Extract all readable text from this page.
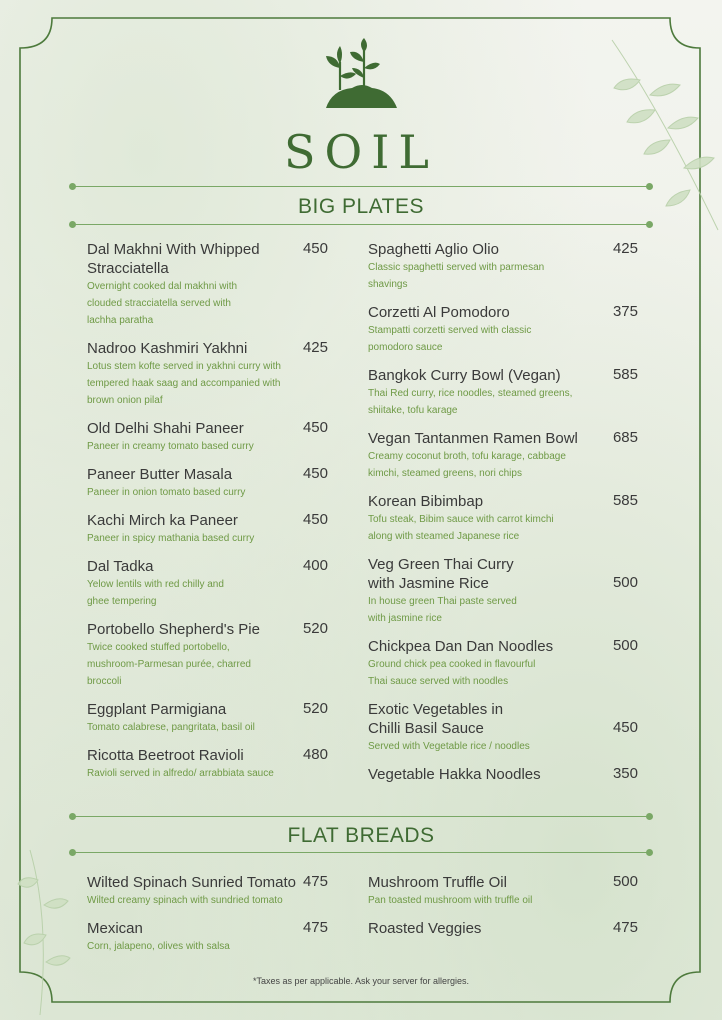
SOIL
BIG PLATES
Dal Makhni With Whipped Stracciatella
Overnight cooked dal makhni with clouded stracciatella served with lachha paratha
450
Nadroo Kashmiri Yakhni
Lotus stem kofte served in yakhni curry with tempered haak saag and accompanied with brown onion pilaf
425
Old Delhi Shahi Paneer
Paneer in creamy tomato based curry
450
Paneer Butter Masala
Paneer in onion tomato based curry
450
Kachi Mirch ka Paneer
Paneer in spicy mathania based curry
450
Dal Tadka
Yelow lentils with red chilly and ghee tempering
400
Portobello Shepherd's Pie
Twice cooked stuffed portobello, mushroom-Parmesan purée, charred broccoli
520
Eggplant Parmigiana
Tomato calabrese, pangritata, basil oil
520
Ricotta Beetroot Ravioli
Ravioli served in alfredo/ arrabbiata sauce
480
Spaghetti Aglio Olio
Classic spaghetti served with parmesan shavings
425
Corzetti Al Pomodoro
Stampatti corzetti served with classic pomodoro sauce
375
Bangkok Curry Bowl (Vegan)
Thai Red curry, rice noodles, steamed greens, shiitake, tofu karage
585
Vegan Tantanmen Ramen Bowl
Creamy coconut broth, tofu karage, cabbage kimchi, steamed greens, nori chips
685
Korean Bibimbap
Tofu steak, Bibim sauce with carrot kimchi along with steamed Japanese rice
585
Veg Green Thai Curry with Jasmine Rice
In house green Thai paste served with jasmine rice
500
Chickpea Dan Dan Noodles
Ground chick pea cooked in flavourful Thai sauce served with noodles
500
Exotic Vegetables in Chilli Basil Sauce
Served with Vegetable rice / noodles
450
Vegetable Hakka Noodles	350
FLAT BREADS
Wilted Spinach Sunried Tomato
Wilted creamy spinach with sundried tomato
475
Mexican
Corn, jalapeno, olives with salsa
475
Mushroom Truffle Oil
Pan toasted mushroom with truffle oil
500
Roasted Veggies	475
*Taxes as per applicable. Ask your server for allergies.
